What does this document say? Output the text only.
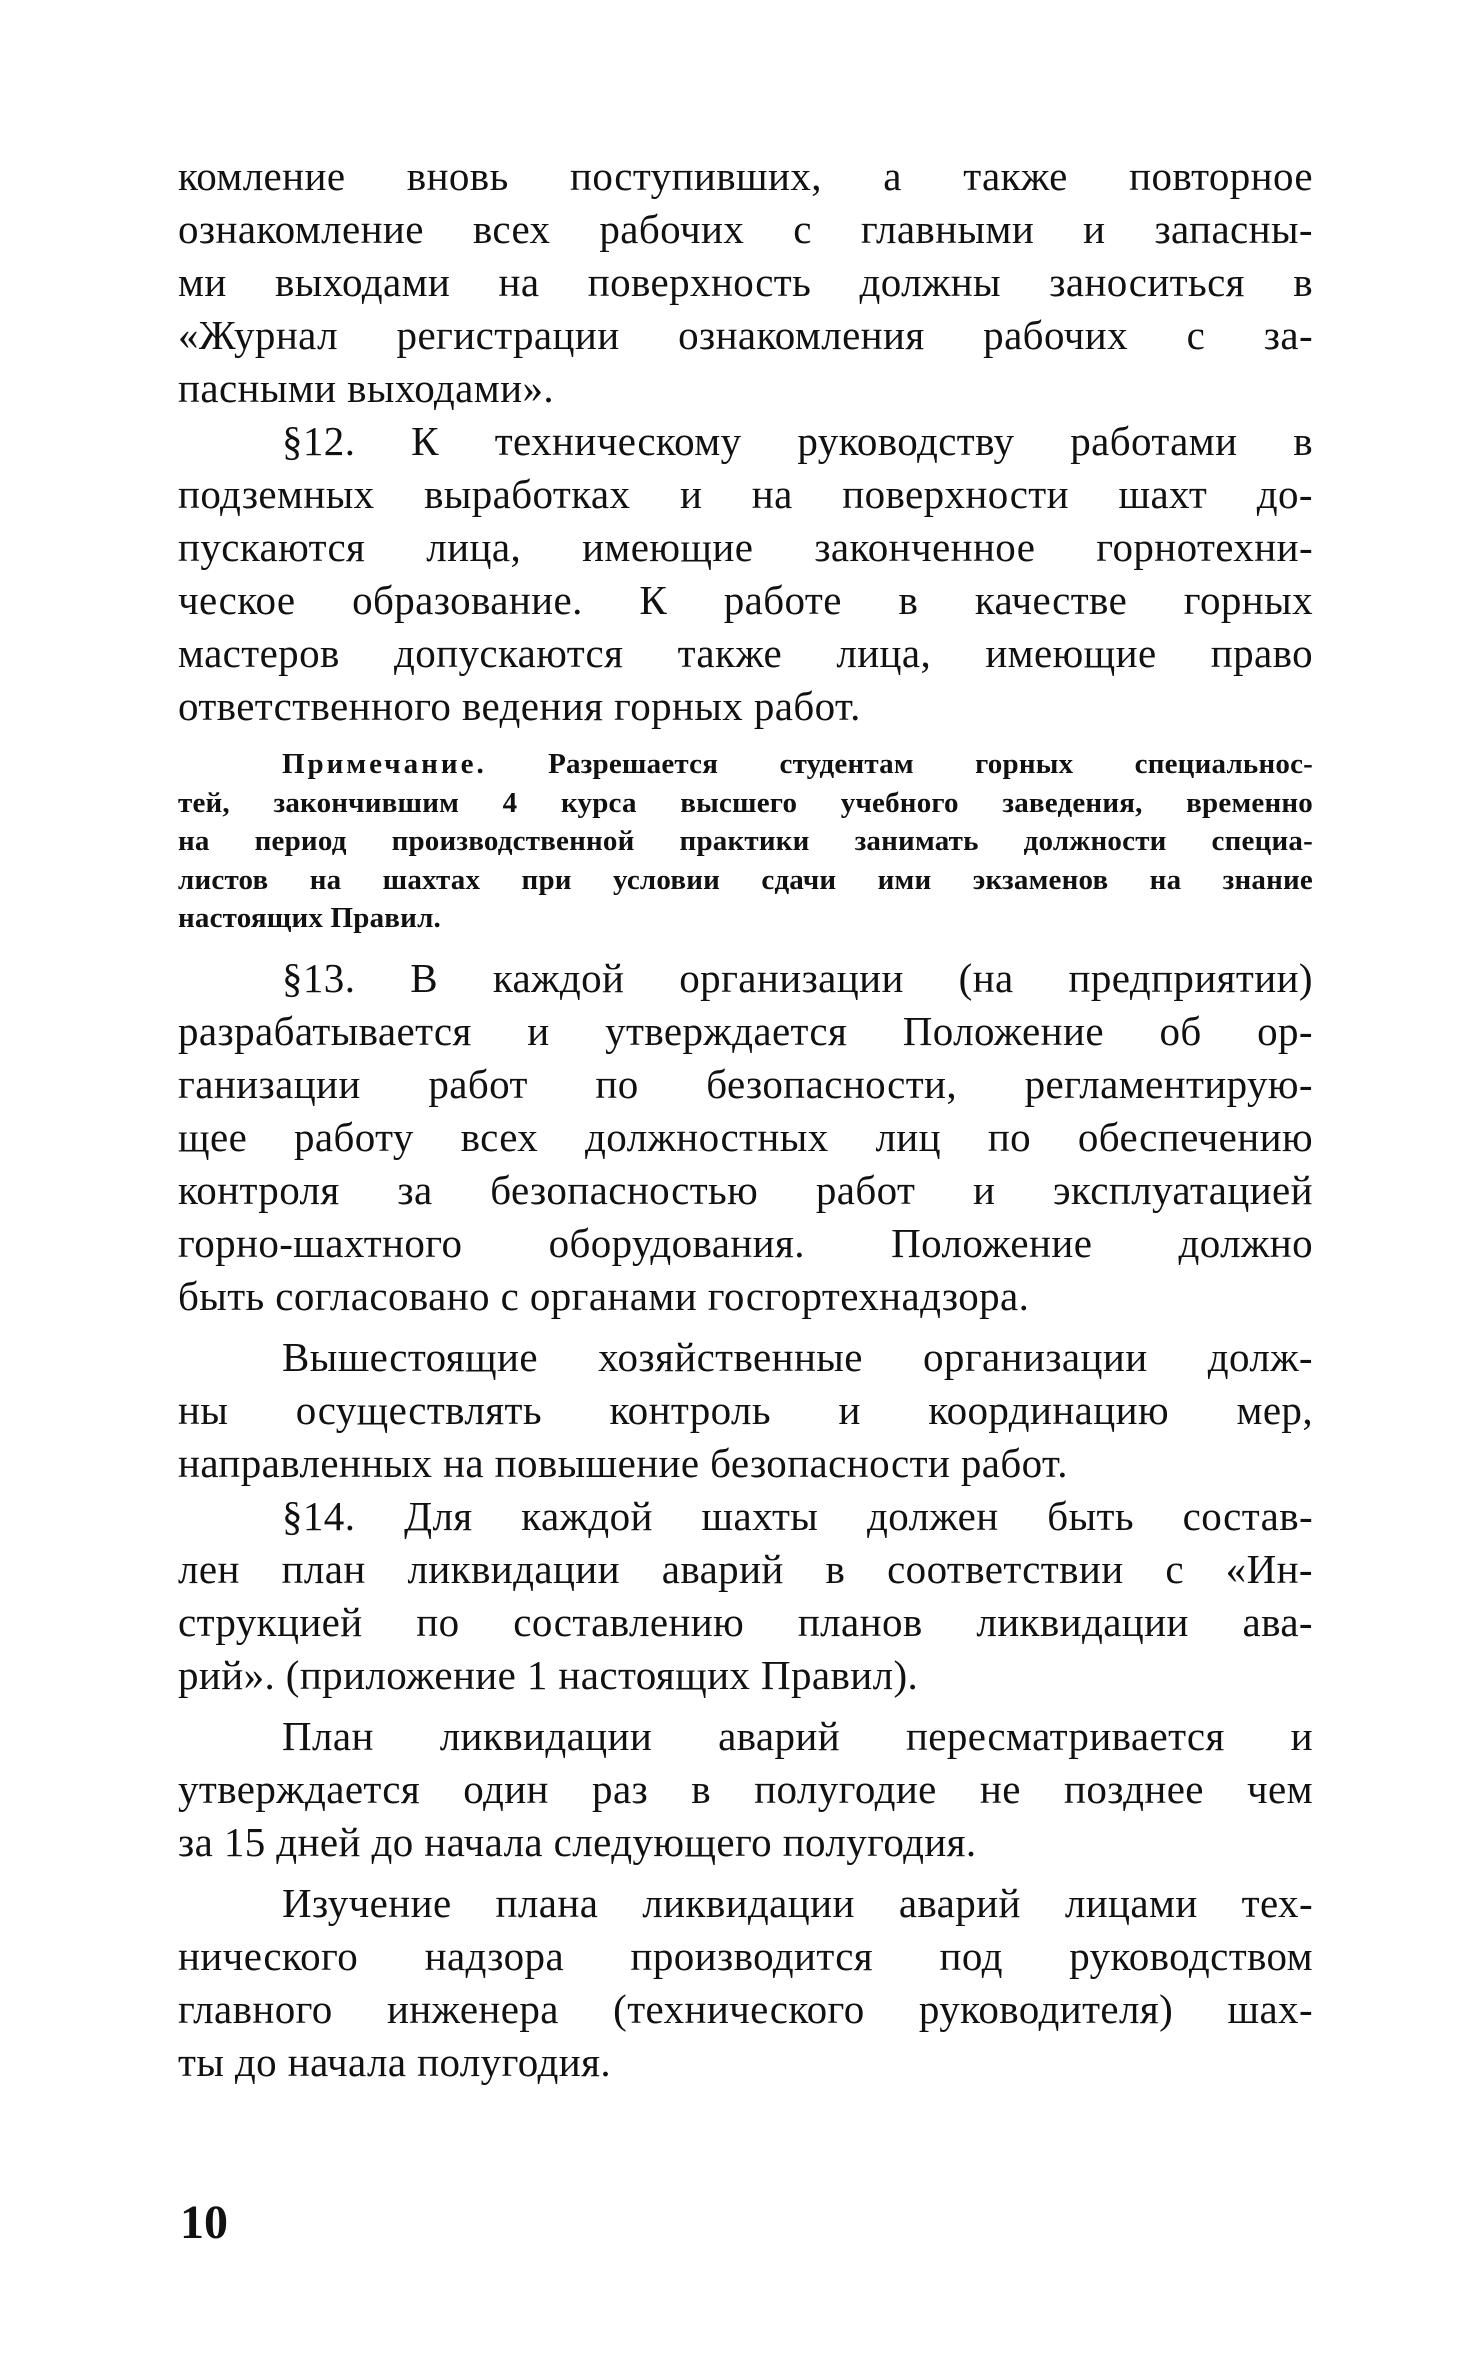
комление вновь поступивших, а также повторное
ознакомление всех рабочих с главными и запасны-
ми выходами на поверхность должны заноситься в
«Журнал регистрации ознакомления рабочих с за-
пасными выходами».
§12. К техническому руководству работами в
подземных выработках и на поверхности шахт до-
пускаются лица, имеющие законченное горнотехни-
ческое образование. К работе в качестве горных
мастеров допускаются также лица, имеющие право
ответственного ведения горных работ.
Примечание. Разрешается студентам горных специальнос-
тей, закончившим 4 курса высшего учебного заведения, временно
на период производственной практики занимать должности специа-
листов на шахтах при условии сдачи ими экзаменов на знание
настоящих Правил.
§13. В каждой организации (на предприятии)
разрабатывается и утверждается Положение об ор-
ганизации работ по безопасности, регламентирую-
щее работу всех должностных лиц по обеспечению
контроля за безопасностью работ и эксплуатацией
горно-шахтного оборудования. Положение должно
быть согласовано с органами госгортехнадзора.
Вышестоящие хозяйственные организации долж-
ны осуществлять контроль и координацию мер,
направленных на повышение безопасности работ.
§14. Для каждой шахты должен быть состав-
лен план ликвидации аварий в соответствии с «Ин-
струкцией по составлению планов ликвидации ава-
рий». (приложение 1 настоящих Правил).
План ликвидации аварий пересматривается и
утверждается один раз в полугодие не позднее чем
за 15 дней до начала следующего полугодия.
Изучение плана ликвидации аварий лицами тех-
нического надзора производится под руководством
главного инженера (технического руководителя) шах-
ты до начала полугодия.
10
